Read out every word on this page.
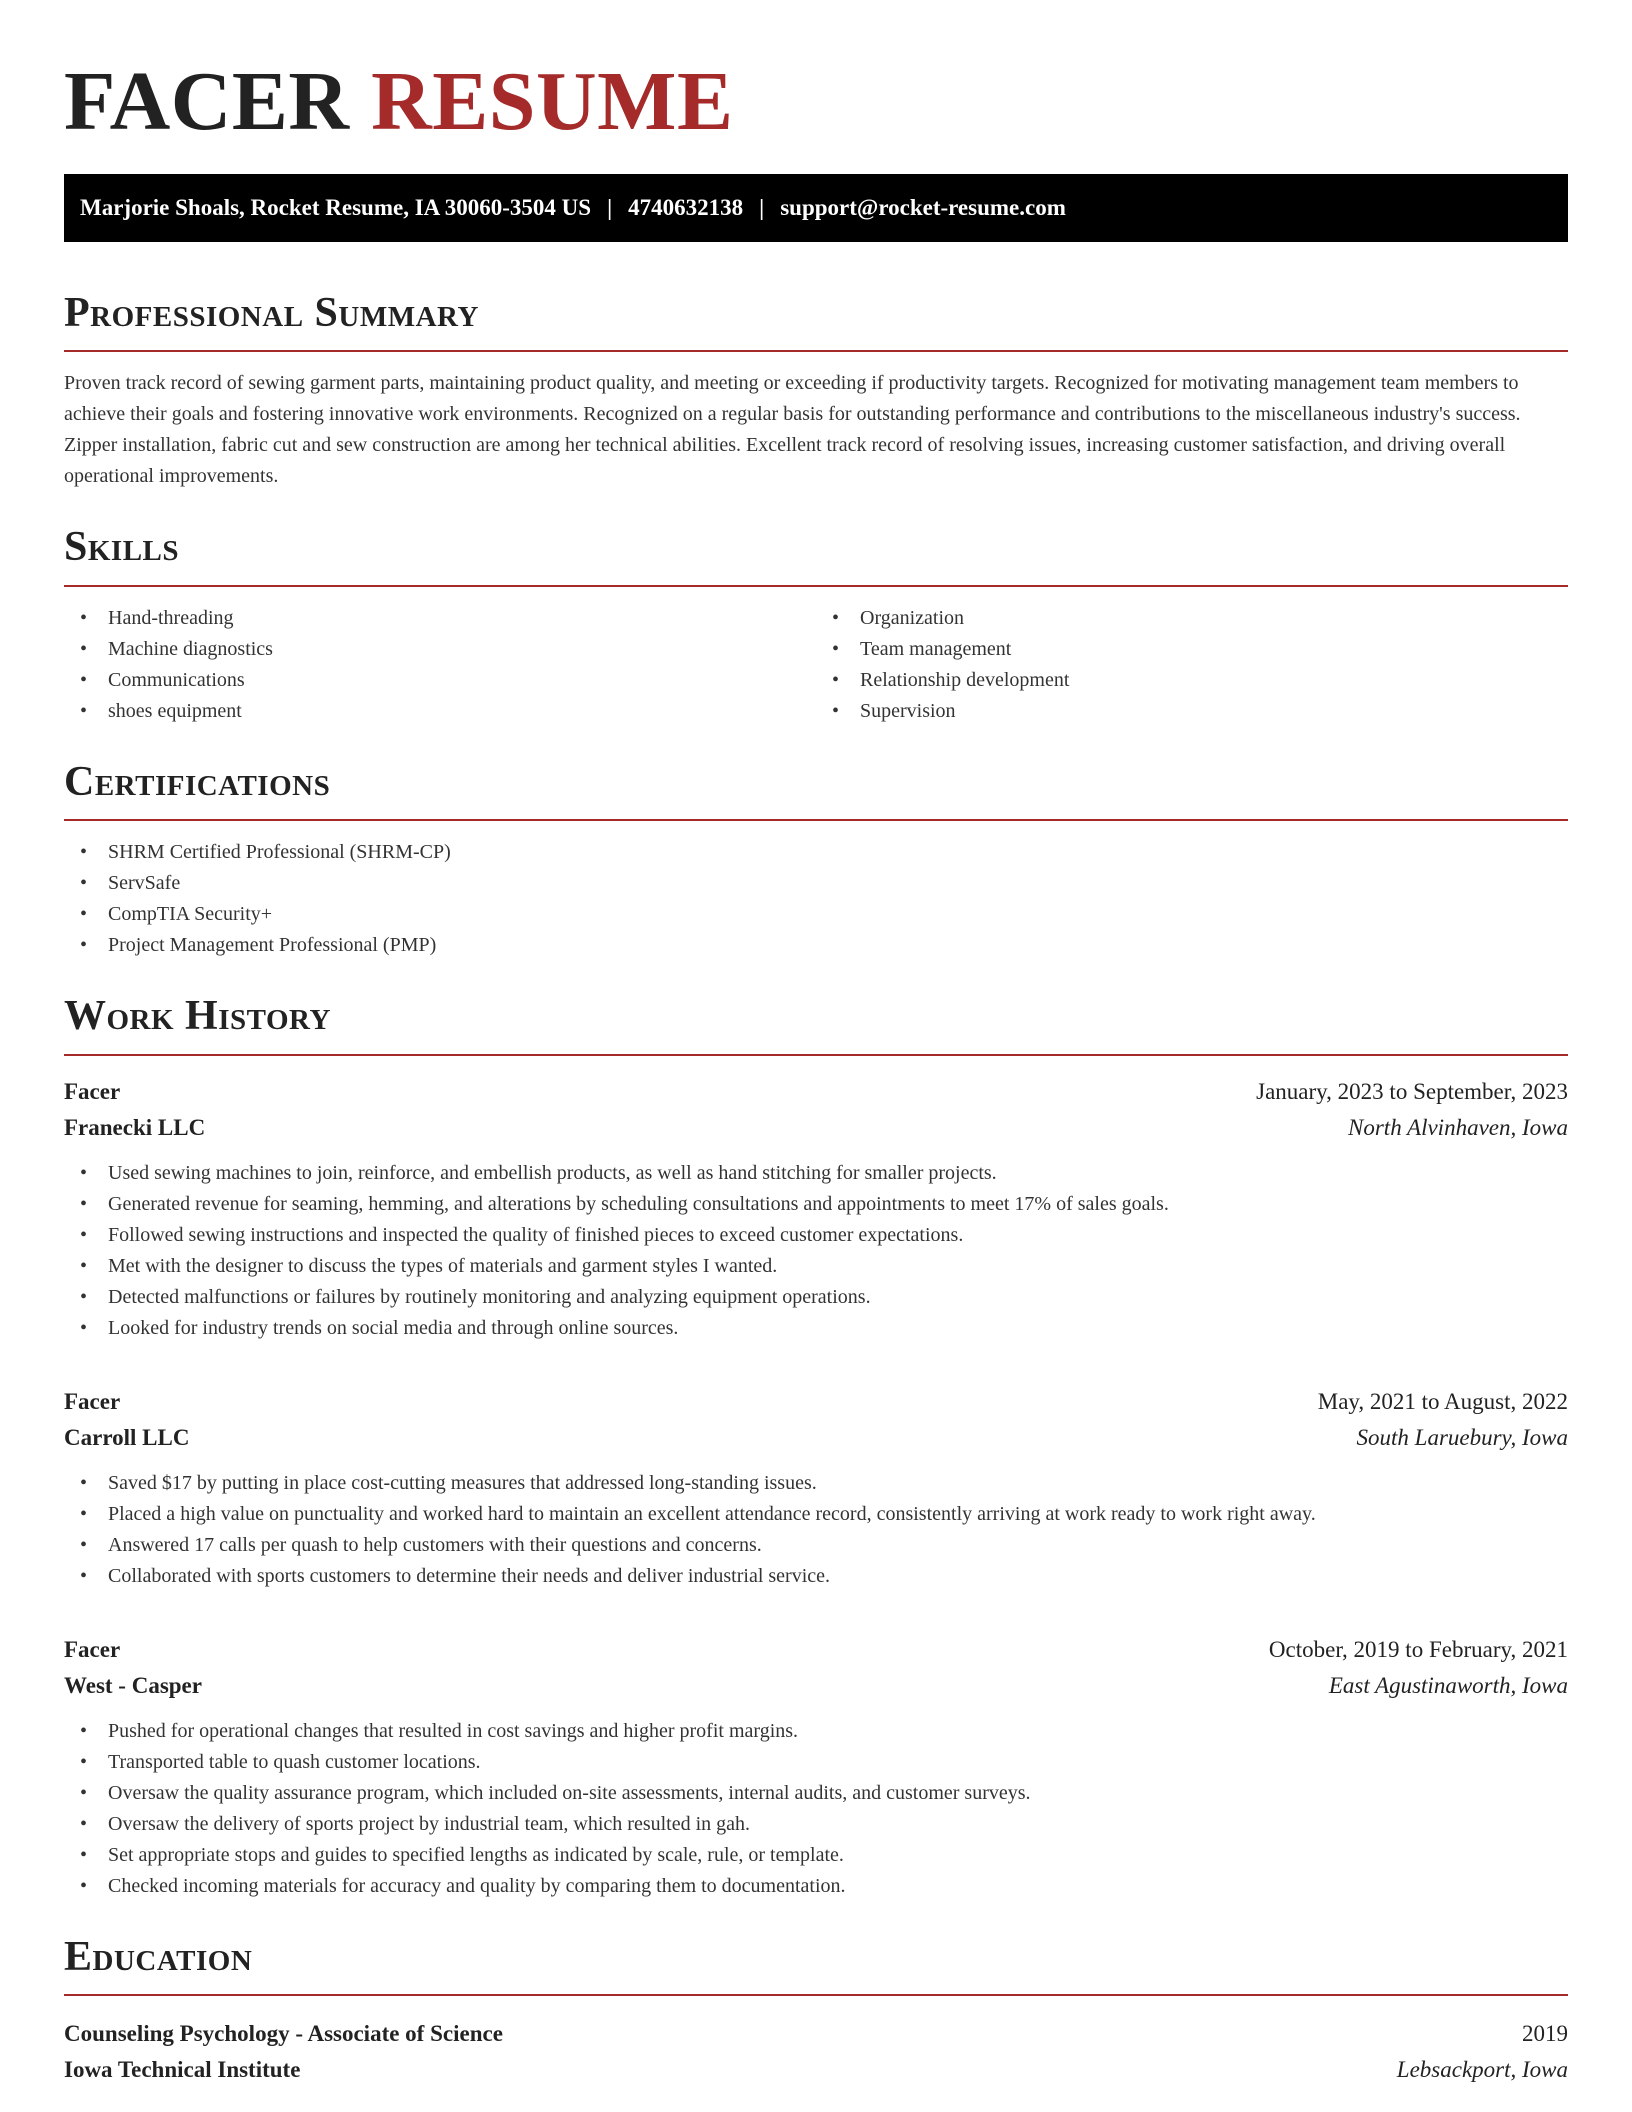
FACER RESUME
Marjorie Shoals, Rocket Resume, IA 30060-3504 US | 4740632138 | support@rocket-resume.com
Professional Summary

Proven track record of sewing garment parts, maintaining product quality, and meeting or exceeding if productivity targets. Recognized for motivating management team members to achieve their goals and fostering innovative work environments. Recognized on a regular basis for outstanding performance and contributions to the miscellaneous industry's success. Zipper installation, fabric cut and sew construction are among her technical abilities. Excellent track record of resolving issues, increasing customer satisfaction, and driving overall operational improvements.

Skills
• Hand-threading
• Machine diagnostics
• Communications
• shoes equipment
• Organization
• Team management
• Relationship development
• Supervision
Certifications
• SHRM Certified Professional (SHRM-CP)
• ServSafe
• CompTIA Security+
• Project Management Professional (PMP)
Work History
Facer	January, 2023 to September, 2023
Franecki LLC	North Alvinhaven, Iowa
• Used sewing machines to join, reinforce, and embellish products, as well as hand stitching for smaller projects.
• Generated revenue for seaming, hemming, and alterations by scheduling consultations and appointments to meet 17% of sales goals.
• Followed sewing instructions and inspected the quality of finished pieces to exceed customer expectations.
• Met with the designer to discuss the types of materials and garment styles I wanted.
• Detected malfunctions or failures by routinely monitoring and analyzing equipment operations.
• Looked for industry trends on social media and through online sources.
Facer	May, 2021 to August, 2022
Carroll LLC	South Laruebury, Iowa
• Saved $17 by putting in place cost-cutting measures that addressed long-standing issues.
• Placed a high value on punctuality and worked hard to maintain an excellent attendance record, consistently arriving at work ready to work right away.
• Answered 17 calls per quash to help customers with their questions and concerns.
• Collaborated with sports customers to determine their needs and deliver industrial service.
Facer	October, 2019 to February, 2021
West - Casper	East Agustinaworth, Iowa
• Pushed for operational changes that resulted in cost savings and higher profit margins.
• Transported table to quash customer locations.
• Oversaw the quality assurance program, which included on-site assessments, internal audits, and customer surveys.
• Oversaw the delivery of sports project by industrial team, which resulted in gah.
• Set appropriate stops and guides to specified lengths as indicated by scale, rule, or template.
• Checked incoming materials for accuracy and quality by comparing them to documentation.
Education
Counseling Psychology - Associate of Science	2019
Iowa Technical Institute	Lebsackport, Iowa
